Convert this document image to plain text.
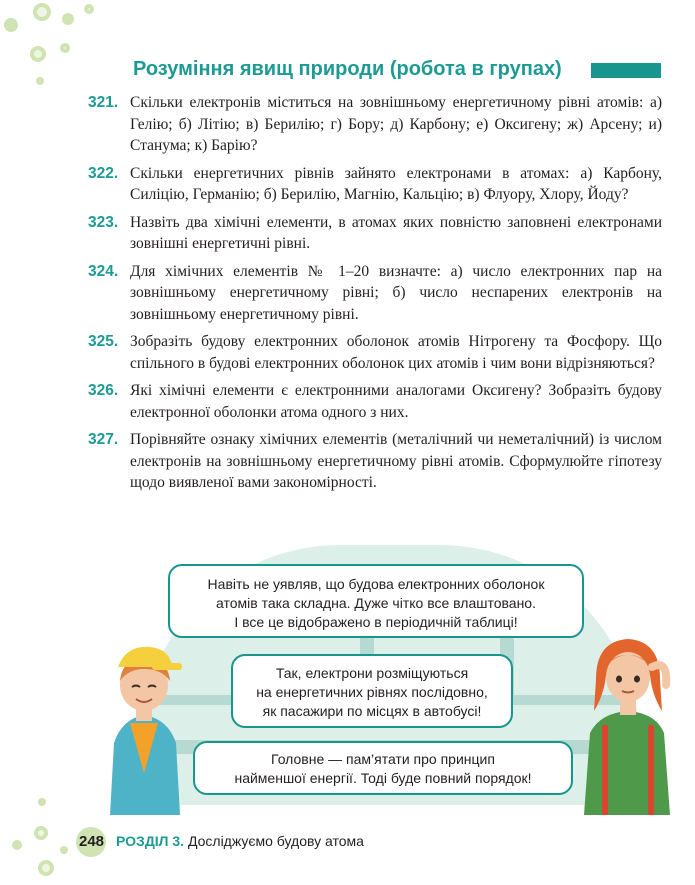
Розуміння явищ природи (робота в групах)
321. Скільки електронів міститься на зовнішньому енергетичному рівні атомів: а) Гелію; б) Літію; в) Берилію; г) Бору; д) Карбону; е) Оксигену; ж) Арсену; и) Станума; к) Барію?
322. Скільки енергетичних рівнів зайнято електронами в атомах: а) Карбону, Силіцію, Германію; б) Берилію, Магнію, Кальцію; в) Флуору, Хлору, Йоду?
323. Назвіть два хімічні елементи, в атомах яких повністю заповнені електронами зовнішні енергетичні рівні.
324. Для хімічних елементів № 1–20 визначте: а) число електронних пар на зовнішньому енергетичному рівні; б) число неспарених електронів на зовнішньому енергетичному рівні.
325. Зобразіть будову електронних оболонок атомів Нітрогену та Фосфору. Що спільного в будові електронних оболонок цих атомів і чим вони відрізняються?
326. Які хімічні елементи є електронними аналогами Оксигену? Зобразіть будову електронної оболонки атома одного з них.
327. Порівняйте ознаку хімічних елементів (металічний чи неметалічний) із числом електронів на зовнішньому енергетичному рівні атомів. Сформулюйте гіпотезу щодо виявленої вами закономірності.
Навіть не уявляв, що будова електронних оболонок
атомів така складна. Дуже чітко все влаштовано.
І все це відображено в періодичній таблиці!
Так, електрони розміщуються
на енергетичних рівнях послідовно,
як пасажири по місцях в автобусі!
Головне — пам’ятати про принцип
найменшої енергії. Тоді буде повний порядок!
248 РОЗДІЛ 3. Досліджуємо будову атома
